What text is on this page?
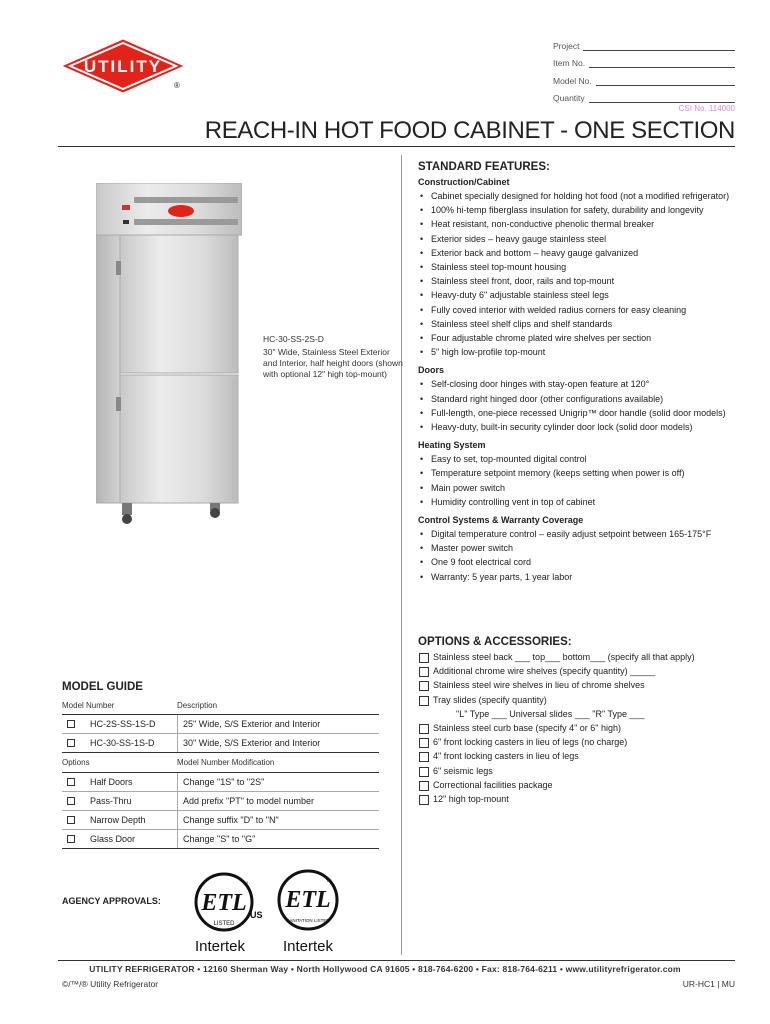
UTILITY
®
Project
Item No.
Model No.
Quantity
CSI No. 114000
REACH-IN HOT FOOD CABINET - ONE SECTION
HC-30-SS-2S-D
30" Wide, Stainless Steel Exterior and Interior, half height doors (shown with optional 12" high top-mount)
STANDARD FEATURES:
Construction/Cabinet
• Cabinet specially designed for holding hot food (not a modified refrigerator)
• 100% hi-temp fiberglass insulation for safety, durability and longevity
• Heat resistant, non-conductive phenolic thermal breaker
• Exterior sides – heavy gauge stainless steel
• Exterior back and bottom – heavy gauge galvanized
• Stainless steel top-mount housing
• Stainless steel front, door, rails and top-mount
• Heavy-duty 6" adjustable stainless steel legs
• Fully coved interior with welded radius corners for easy cleaning
• Stainless steel shelf clips and shelf standards
• Four adjustable chrome plated wire shelves per section
• 5" high low-profile top-mount
Doors
• Self-closing door hinges with stay-open feature at 120°
• Standard right hinged door (other configurations available)
• Full-length, one-piece recessed Unigrip™ door handle (solid door models)
• Heavy-duty, built-in security cylinder door lock (solid door models)
Heating System
• Easy to set, top-mounted digital control
• Temperature setpoint memory (keeps setting when power is off)
• Main power switch
• Humidity controlling vent in top of cabinet
Control Systems & Warranty Coverage
• Digital temperature control – easily adjust setpoint between 165-175°F
• Master power switch
• One 9 foot electrical cord
• Warranty: 5 year parts, 1 year labor
OPTIONS & ACCESSORIES:
Stainless steel back ___ top___ bottom___ (specify all that apply)
Additional chrome wire shelves (specify quantity) _____
Stainless steel wire shelves in lieu of chrome shelves
Tray slides (specify quantity)
"L" Type ___ Universal slides ___ "R" Type ___
Stainless steel curb base (specify 4" or 6" high)
6" front locking casters in lieu of legs (no charge)
4" front locking casters in lieu of legs
6" seismic legs
Correctional facilities package
12" high top-mount
MODEL GUIDE
Model Number	Description
HC-2S-SS-1S-D	25" Wide, S/S Exterior and Interior
HC-30-SS-1S-D	30" Wide, S/S Exterior and Interior
Options	Model Number Modification
Half Doors	Change "1S" to "2S"
Pass-Thru	Add prefix "PT" to model number
Narrow Depth	Change suffix "D" to "N"
Glass Door	Change "S" to "G"
AGENCY APPROVALS: ETL
LISTED
TM
US
Intertek
ETL
SANITATION LISTED
TM
Intertek
UTILITY REFRIGERATOR • 12160 Sherman Way • North Hollywood CA 91605 • 818-764-6200 • Fax: 818-764-6211 • www.utilityrefrigerator.com
©/™/® Utility Refrigerator	UR-HC1 | MU
